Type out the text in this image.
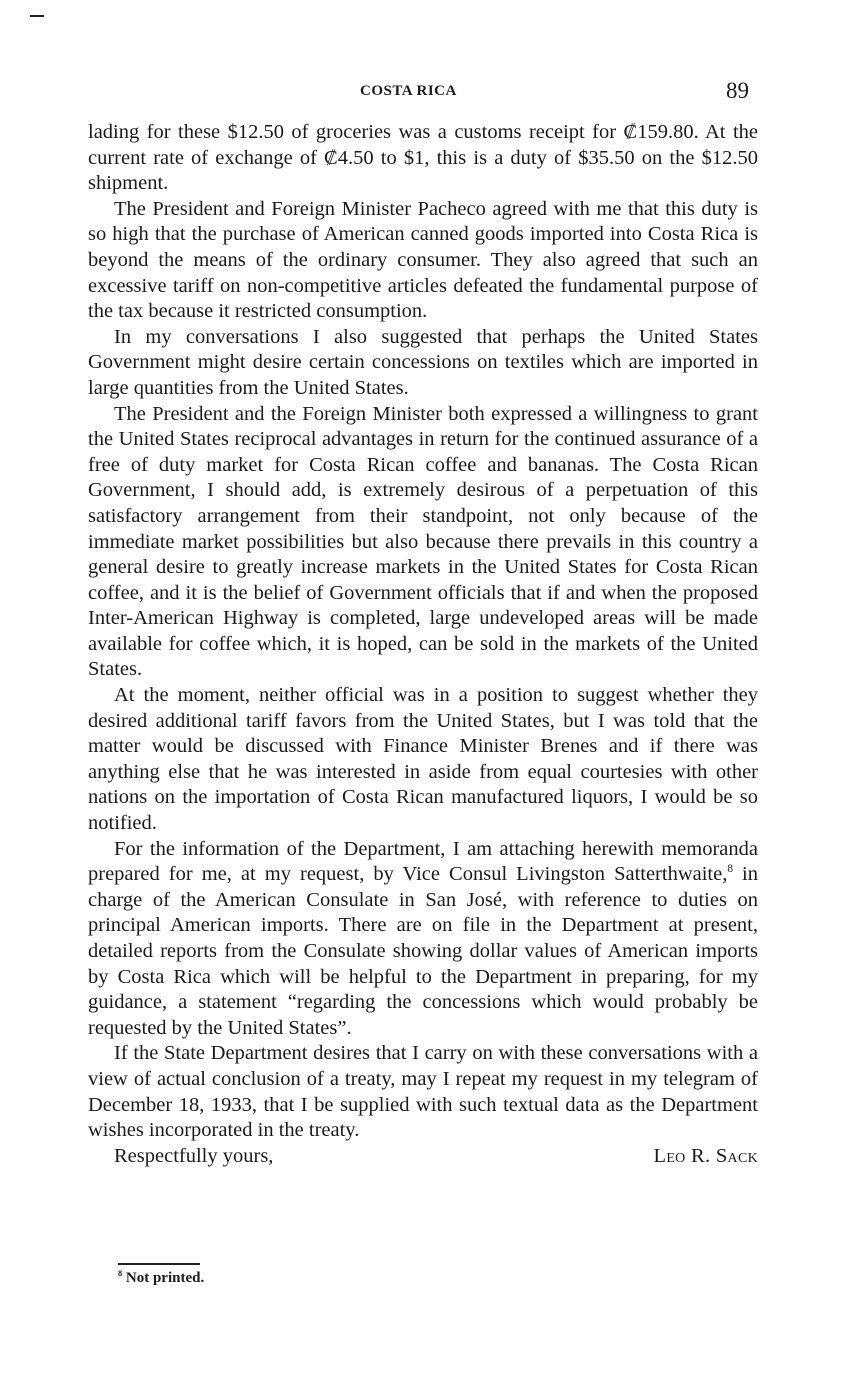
COSTA RICA	89

lading for these $12.50 of groceries was a customs receipt for ₡159.80. At the current rate of exchange of ₡4.50 to $1, this is a duty of $35.50 on the $12.50 shipment.

The President and Foreign Minister Pacheco agreed with me that this duty is so high that the purchase of American canned goods imported into Costa Rica is beyond the means of the ordinary consumer. They also agreed that such an excessive tariff on non-competitive articles defeated the fundamental purpose of the tax because it restricted consumption.

In my conversations I also suggested that perhaps the United States Government might desire certain concessions on textiles which are imported in large quantities from the United States.

The President and the Foreign Minister both expressed a willingness to grant the United States reciprocal advantages in return for the continued assurance of a free of duty market for Costa Rican coffee and bananas. The Costa Rican Government, I should add, is extremely desirous of a perpetuation of this satisfactory arrangement from their standpoint, not only because of the immediate market possibilities but also because there prevails in this country a general desire to greatly increase markets in the United States for Costa Rican coffee, and it is the belief of Government officials that if and when the proposed Inter-American Highway is completed, large undeveloped areas will be made available for coffee which, it is hoped, can be sold in the markets of the United States.

At the moment, neither official was in a position to suggest whether they desired additional tariff favors from the United States, but I was told that the matter would be discussed with Finance Minister Brenes and if there was anything else that he was interested in aside from equal courtesies with other nations on the importation of Costa Rican manufactured liquors, I would be so notified.

For the information of the Department, I am attaching herewith memoranda prepared for me, at my request, by Vice Consul Livingston Satterthwaite,$^8$ in charge of the American Consulate in San José, with reference to duties on principal American imports. There are on file in the Department at present, detailed reports from the Consulate showing dollar values of American imports by Costa Rica which will be helpful to the Department in preparing, for my guidance, a statement “regarding the concessions which would probably be requested by the United States”.

If the State Department desires that I carry on with these conversations with a view of actual conclusion of a treaty, may I repeat my request in my telegram of December 18, 1933, that I be supplied with such textual data as the Department wishes incorporated in the treaty.

Respectfully yours,	Leo R. Sack

$^8$ Not printed.
